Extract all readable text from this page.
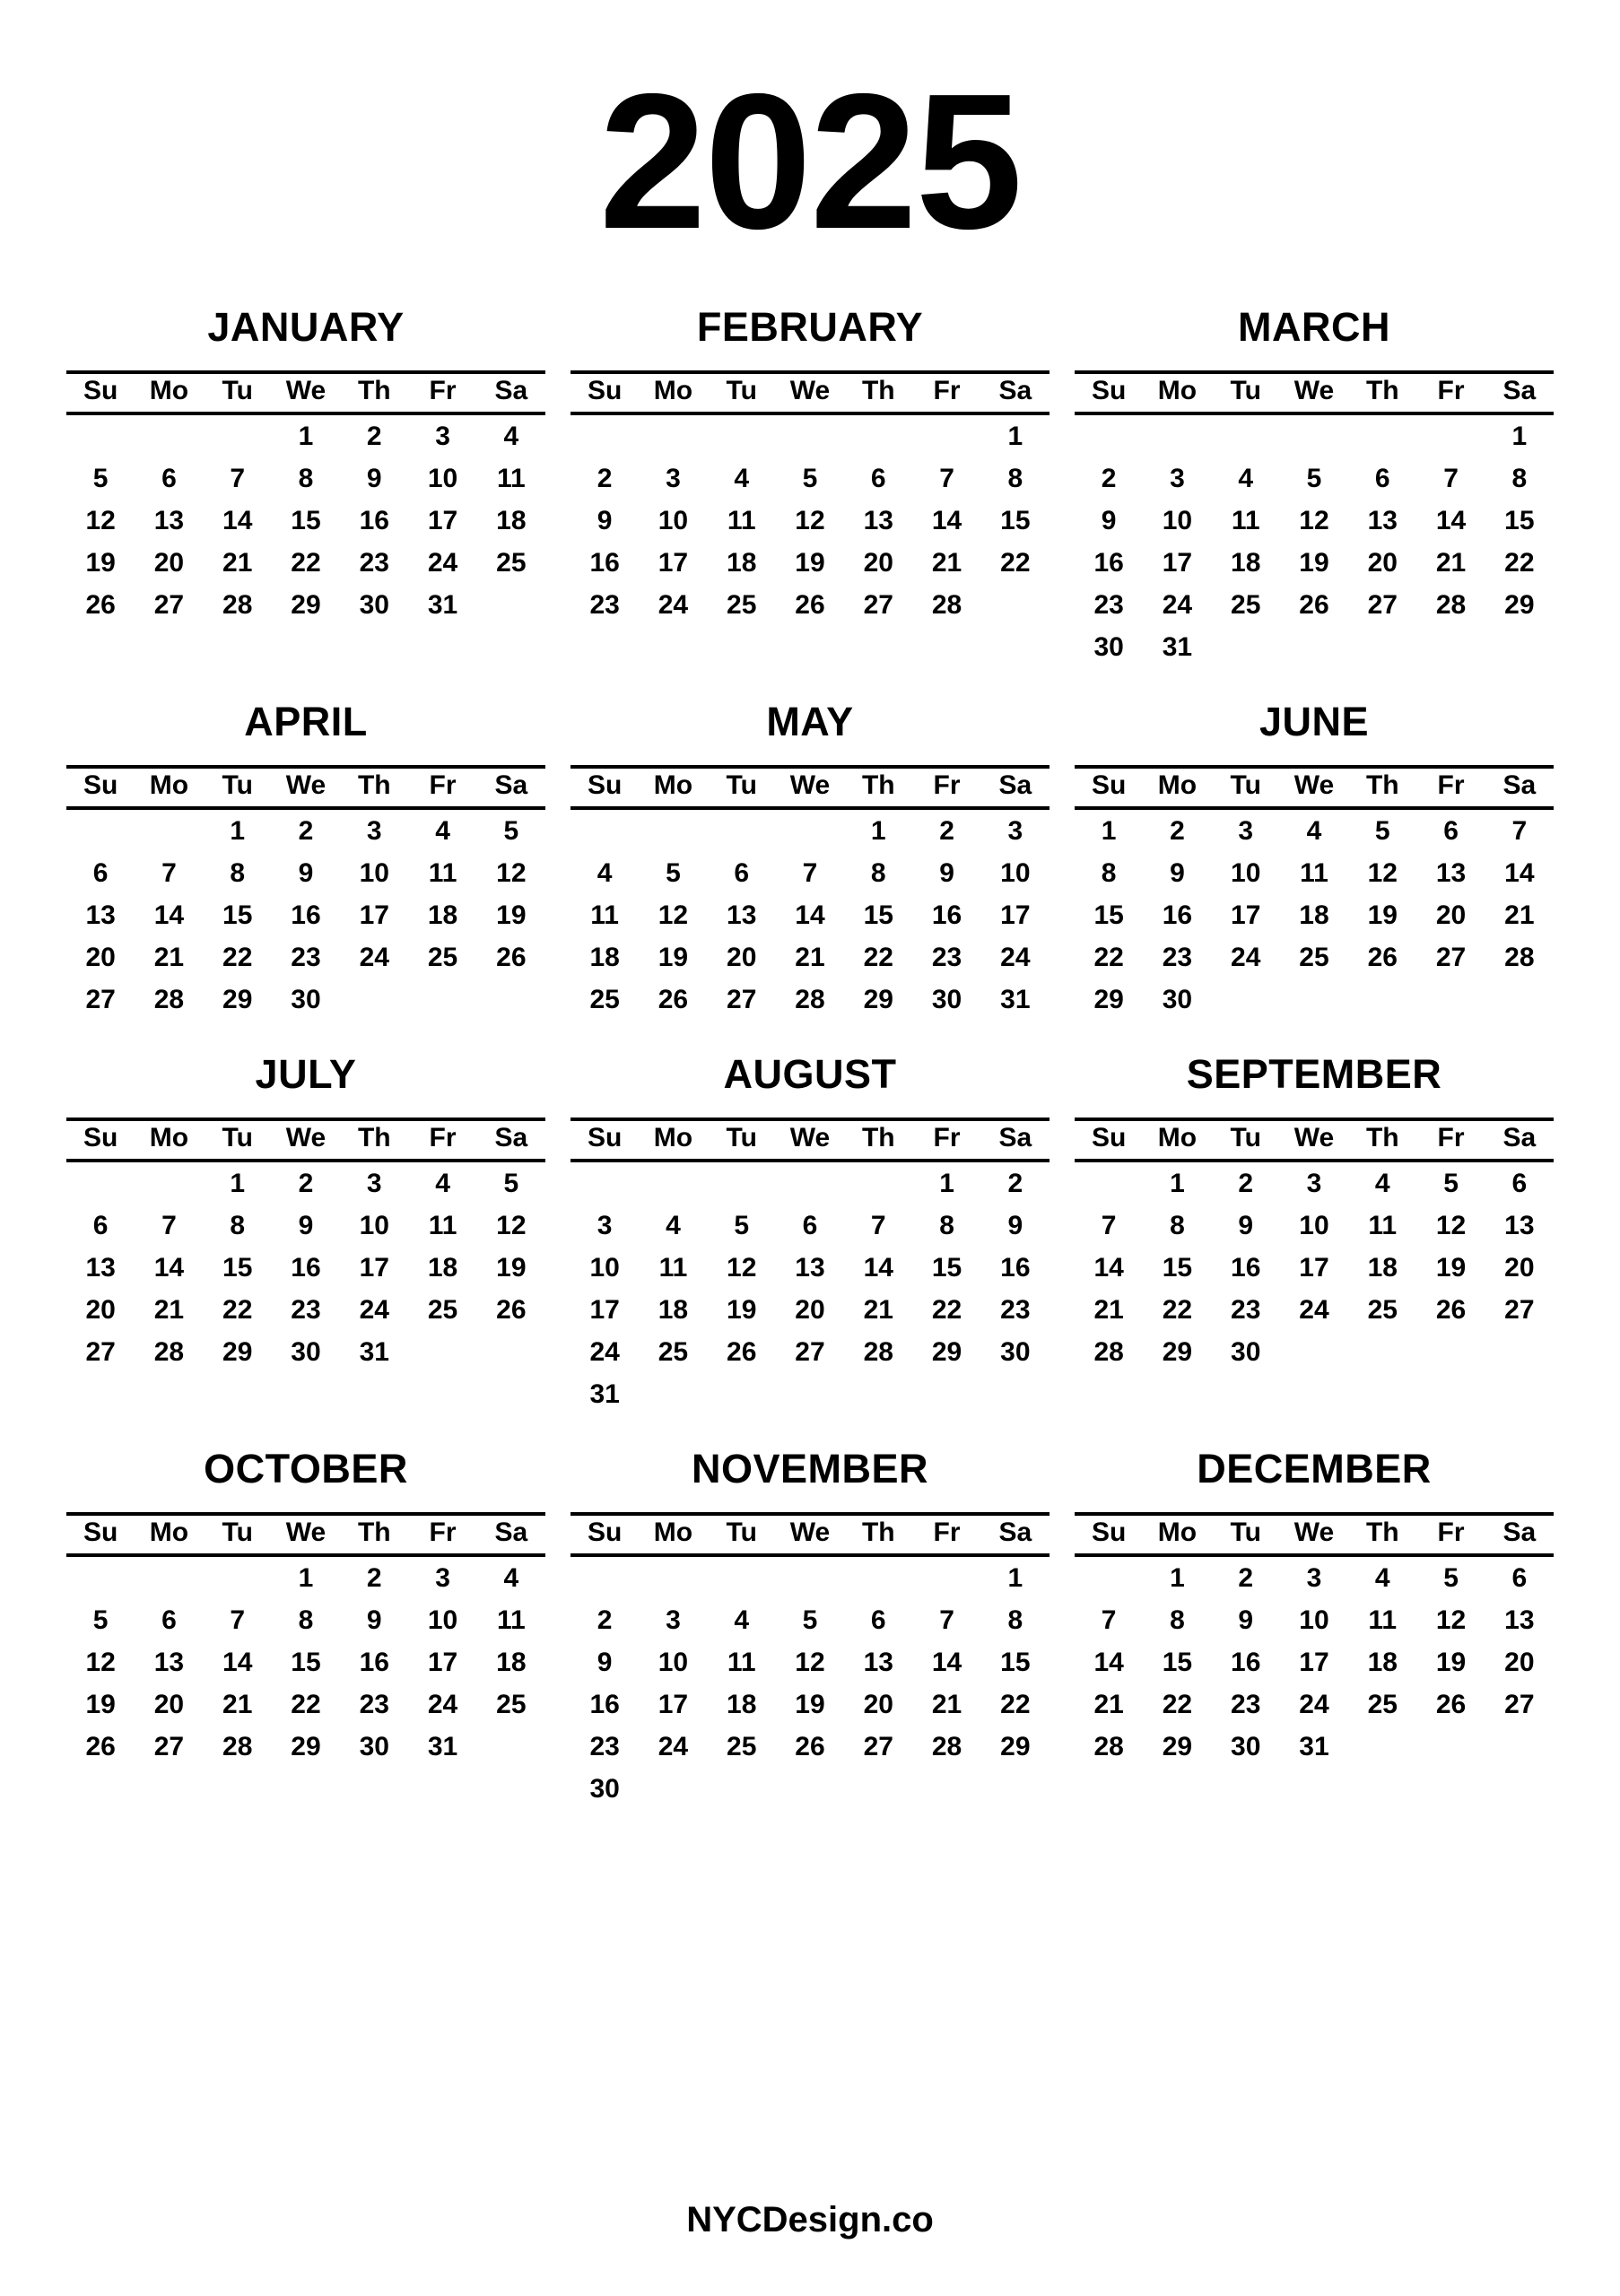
2025
JANUARY
Su	Mo	Tu	We	Th	Fr	Sa
			1	2	3	4
5	6	7	8	9	10	11
12	13	14	15	16	17	18
19	20	21	22	23	24	25
26	27	28	29	30	31	
FEBRUARY
Su	Mo	Tu	We	Th	Fr	Sa
						1
2	3	4	5	6	7	8
9	10	11	12	13	14	15
16	17	18	19	20	21	22
23	24	25	26	27	28	
MARCH
Su	Mo	Tu	We	Th	Fr	Sa
						1
2	3	4	5	6	7	8
9	10	11	12	13	14	15
16	17	18	19	20	21	22
23	24	25	26	27	28	29
30	31					
APRIL
Su	Mo	Tu	We	Th	Fr	Sa
		1	2	3	4	5
6	7	8	9	10	11	12
13	14	15	16	17	18	19
20	21	22	23	24	25	26
27	28	29	30			
MAY
Su	Mo	Tu	We	Th	Fr	Sa
				1	2	3
4	5	6	7	8	9	10
11	12	13	14	15	16	17
18	19	20	21	22	23	24
25	26	27	28	29	30	31
JUNE
Su	Mo	Tu	We	Th	Fr	Sa
1	2	3	4	5	6	7
8	9	10	11	12	13	14
15	16	17	18	19	20	21
22	23	24	25	26	27	28
29	30					
JULY
Su	Mo	Tu	We	Th	Fr	Sa
		1	2	3	4	5
6	7	8	9	10	11	12
13	14	15	16	17	18	19
20	21	22	23	24	25	26
27	28	29	30	31		
AUGUST
Su	Mo	Tu	We	Th	Fr	Sa
					1	2
3	4	5	6	7	8	9
10	11	12	13	14	15	16
17	18	19	20	21	22	23
24	25	26	27	28	29	30
31						
SEPTEMBER
Su	Mo	Tu	We	Th	Fr	Sa
	1	2	3	4	5	6
7	8	9	10	11	12	13
14	15	16	17	18	19	20
21	22	23	24	25	26	27
28	29	30				
OCTOBER
Su	Mo	Tu	We	Th	Fr	Sa
			1	2	3	4
5	6	7	8	9	10	11
12	13	14	15	16	17	18
19	20	21	22	23	24	25
26	27	28	29	30	31	
NOVEMBER
Su	Mo	Tu	We	Th	Fr	Sa
						1
2	3	4	5	6	7	8
9	10	11	12	13	14	15
16	17	18	19	20	21	22
23	24	25	26	27	28	29
30						
DECEMBER
Su	Mo	Tu	We	Th	Fr	Sa
	1	2	3	4	5	6
7	8	9	10	11	12	13
14	15	16	17	18	19	20
21	22	23	24	25	26	27
28	29	30	31			
NYCDesign.co
